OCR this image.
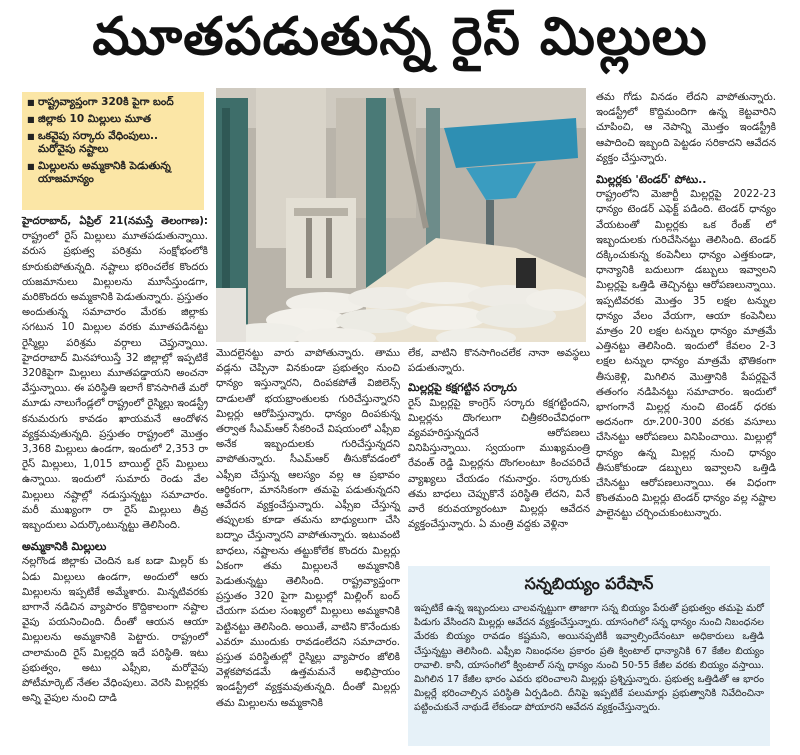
మూతపడుతున్న రైస్ మిల్లులు
■ రాష్ట్రవ్యాప్తంగా 320కి పైగా బంద్
■ జిల్లాకు 10 మిల్లులు మూత
■ ఒకవైపు సర్కారు వేధింపులు.. మరోవైపు నష్టాలు
■ మిల్లులను అమ్మకానికి పెడుతున్న యాజమాన్యం

హైదరాబాద్, ఏప్రిల్ 21(నమస్తే తెలంగాణ): రాష్ట్రంలో రైస్ మిల్లులు మూతపడుతున్నాయి. వరుస ప్రభుత్వ పరిశ్రమ సంక్షోభంలోకి కూరుకుపోతున్నది. నష్టాలు భరించలేక కొందరు యజమానులు మిల్లులను మూసేస్తుండగా, మరికొందరు అమ్మకానికి పెడుతున్నారు. ప్రస్తుతం అందుతున్న సమాచారం మేరకు జిల్లాకు సగటున 10 మిల్లుల వరకు మూతపడినట్టు రైస్మిల్లు పరిశ్రమ వర్గాలు చెప్తున్నాయి. హైదరాబాద్ మినహాయిస్తే 32 జిల్లాల్లో ఇప్పటికే 320కిపైగా మిల్లులు మూతపడ్డాయని అంచనా వేస్తున్నాయి. ఈ పరిస్థితి ఇలాగే కొనసాగితే మరో మూడు నాలుగేండ్లలో రాష్ట్రంలో రైస్మిల్లు ఇండస్ట్రీ కనుమరుగు కావడం ఖాయమనే ఆందోళన వ్యక్తమవుతున్నది. ప్రస్తుతం రాష్ట్రంలో మొత్తం 3,368 మిల్లులు ఉండగా, ఇందులో 2,353 రా రైస్ మిల్లులు, 1,015 బాయిల్డ్ రైస్ మిల్లులు ఉన్నాయి. ఇందులో సుమారు రెండు వేల మిల్లులు నష్టాల్లో నడుస్తున్నట్టు సమాచారం. మరీ ముఖ్యంగా రా రైస్ మిల్లులు తీవ్ర ఇబ్బందులు ఎదుర్కొంటున్నట్టు తెలిసింది.

అమ్మకానికి మిల్లులు

నల్లగొండ జిల్లాకు చెందిన ఒక బడా మిల్లర్ కు ఏడు మిల్లులు ఉండగా, అందులో ఆరు మిల్లులను ఇప్పటికే అమ్మేశారు. మిన్నటివరకు బాగానే నడిచిన వ్యాపారం కొద్దికాలంగా నష్టాల వైపు పయనించింది. దీంతో ఆయన ఆయా మిల్లులను అమ్మకానికి పెట్టారు. రాష్ట్రంలో చాలామంది రైస్ మిల్లర్లది ఇదే పరిస్థితి. ఇటు ప్రభుత్వం, అటు ఎఫ్సీఐ, మరోవైపు పోటీమార్కెట్ నేతల వేధింపులు. వెరసి మిల్లర్లకు అన్ని వైపుల నుంచి దాడి

మొదలైనట్టు వారు వాపోతున్నారు. తాము వడ్లను చెప్పినా వినకుండా ప్రభుత్వం నుంచి ధాన్యం ఇస్తున్నారని, దింపకపోతే విజిలెన్స్ దాడులతో భయభ్రాంతులకు గురిచేస్తున్నారని మిల్లర్లు ఆరోపిస్తున్నారు. ధాన్యం దింపకున్న తర్వాత సీఎమ్ఆర్ సేకరించే విషయంలో ఎఫ్సీఐ అనేక ఇబ్బందులకు గురిచేస్తున్నదని వాపోతున్నారు. సీఎమ్ఆర్ తీసుకోవడంలో ఎఫ్సీఐ చేస్తున్న ఆలస్యం వల్ల ఆ ప్రభావం ఆర్థికంగా, మానసికంగా తమపై పడుతున్నదని ఆవేదన వ్యక్తంచేస్తున్నారు. ఎఫ్సీఐ చేస్తున్న తప్పులకు కూడా తమను బాధ్యులుగా చేసి బద్నాం చేస్తున్నారని వాపోతున్నారు. ఇటువంటి బాధలు, నష్టాలను తట్టుకోలేక కొందరు మిల్లర్లు ఏకంగా తమ మిల్లులనే అమ్మకానికి పెడుతున్నట్టు తెలిసింది. రాష్ట్రవ్యాప్తంగా ప్రస్తుతం 320 పైగా మిల్లుల్లో మిల్లింగ్ బంద్ చేయగా పదుల సంఖ్యలో మిల్లులు అమ్మకానికి పెట్టినట్టు తెలిసింది. అయితే, వాటిని కొనేందుకు ఎవరూ ముందుకు రావడంలేదని సమాచారం. ప్రస్తుత పరిస్థితుల్లో రైస్మిల్లు వ్యాపారం జోలికి వెళ్లకపోవడమే ఉత్తమమనే అభిప్రాయం ఇండస్ట్రీలో వ్యక్తమవుతున్నది. దీంతో మిల్లర్లు తమ మిల్లులను అమ్మకానికి

లేక, వాటిని కొనసాగించలేక నానా అవస్థలు పడుతున్నారు.

మిల్లర్లపై కక్షగట్టిన సర్కారు

రైస్ మిల్లర్లపై కాంగ్రెస్ సర్కారు కక్షగట్టిందని, మిల్లర్లను దొంగలుగా చిత్రీకరించేవిధంగా వ్యవహరిస్తున్నదనే ఆరోపణలు వినిపిస్తున్నాయి. స్వయంగా ముఖ్యమంత్రి రేవంత్ రెడ్డి మిల్లర్లను దొంగలంటూ కించపరిచే వ్యాఖ్యలు చేయడం గమనార్హం. సర్కారుకు తమ బాధలు చెప్పుకొనే పరిస్థితి లేదని, వినే వారే కరువయ్యారంటూ మిల్లర్లు ఆవేదన వ్యక్తంచేస్తున్నారు. ఏ మంత్రి వద్దకు వెళ్లినా

తమ గోడు వినడం లేదని వాపోతున్నారు. ఇండస్ట్రీలో కొద్దిమందిగా ఉన్న కెట్టవారిని చూపించి, ఆ నెపాన్ని మొత్తం ఇండస్ట్రీకి ఆపాదించి ఇబ్బంది పెట్టడం సరికాదని ఆవేదన వ్యక్తం చేస్తున్నారు.

మిల్లర్లకు 'టెండర్' పోటు..

రాష్ట్రంలోని మెజార్టీ మిల్లర్లపై 2022-23 ధాన్యం టెండర్ ఎఫెక్ట్ పడింది. టెండర్ ధాన్యం వేయటంతో మిల్లర్లకు ఒక రేంజ్ లో ఇబ్బందులకు గురిచేసినట్టు తెలిసింది. టెండర్ దక్కించుకున్న కంపెనీలు ధాన్యం ఎత్తకుండా, ధాన్యానికి బదులుగా డబ్బులు ఇవ్వాలని మిల్లర్లపై ఒత్తిడి తెచ్చినట్టు ఆరోపణలున్నాయి. ఇప్పటివరకు మొత్తం 35 లక్షల టన్నుల ధాన్యం వేలం వేయగా, ఆయా కంపెనీలు మాత్రం 20 లక్షల టన్నుల ధాన్యం మాత్రమే ఎత్తినట్టు తెలిసింది. ఇందులో కేవలం 2-3 లక్షల టన్నుల ధాన్యం మాత్రమే భౌతికంగా తీసుకెళ్లి, మిగిలిన మొత్తానికి పేపర్లపైనే తతంగం నడిపినట్టు సమాచారం. ఇందులో భాగంగానే మిల్లర్ల నుంచి టెండర్ ధరకు అదనంగా రూ.200-300 వరకు వసూలు చేసినట్టు ఆరోపణలు వినిపించాయి. మిల్లుల్లో ధాన్యం ఉన్న మిల్లర్ల నుంచి ధాన్యం తీసుకోకుండా డబ్బులు ఇవ్వాలని ఒత్తిడి చేసినట్టు ఆరోపణలున్నాయి. ఈ విధంగా కొంతమంది మిల్లర్లు టెండర్ ధాన్యం వల్ల నష్టాల పాలైనట్టు చర్చించుకుంటున్నారు.

సన్నబియ్యం పరేషాన్

ఇప్పటికే ఉన్న ఇబ్బందులు చాలవన్నట్టుగా తాజాగా సన్న బియ్యం పేరుతో ప్రభుత్వం తమపై మరో పిడుగు వేసిందని మిల్లర్లు ఆవేదన వ్యక్తంచేస్తున్నారు. యాసంగిలో సన్న ధాన్యం నుంచి నిబంధనల మేరకు బియ్యం రావడం కష్టమని, అయినప్పటికీ ఇవ్వాల్సిందేనంటూ అధికారులు ఒత్తిడి చేస్తున్నట్టు తెలిసింది. ఎఫ్సీఐ నిబంధనల ప్రకారం ప్రతి క్వింటాల్ ధాన్యానికి 67 కేజీల బియ్యం రావాలి. కానీ, యాసంగిలో క్వింటాల్ సన్న ధాన్యం నుంచి 50-55 కేజీల వరకు బియ్యం వస్తాయి. మిగిలిన 17 కేజీల భారం ఎవరు భరించాలని మిల్లర్లు ప్రశ్నిస్తున్నారు. ప్రభుత్వ ఒత్తిడితో ఆ భారం మిల్లర్లే భరించాల్సిన పరిస్థితి ఏర్పడింది. దీనిపై ఇప్పటికే పలుమార్లు ప్రభుత్వానికి నివేదించినా పట్టించుకునే నాథుడే లేకుండా పోయారని ఆవేదన వ్యక్తంచేస్తున్నారు.
